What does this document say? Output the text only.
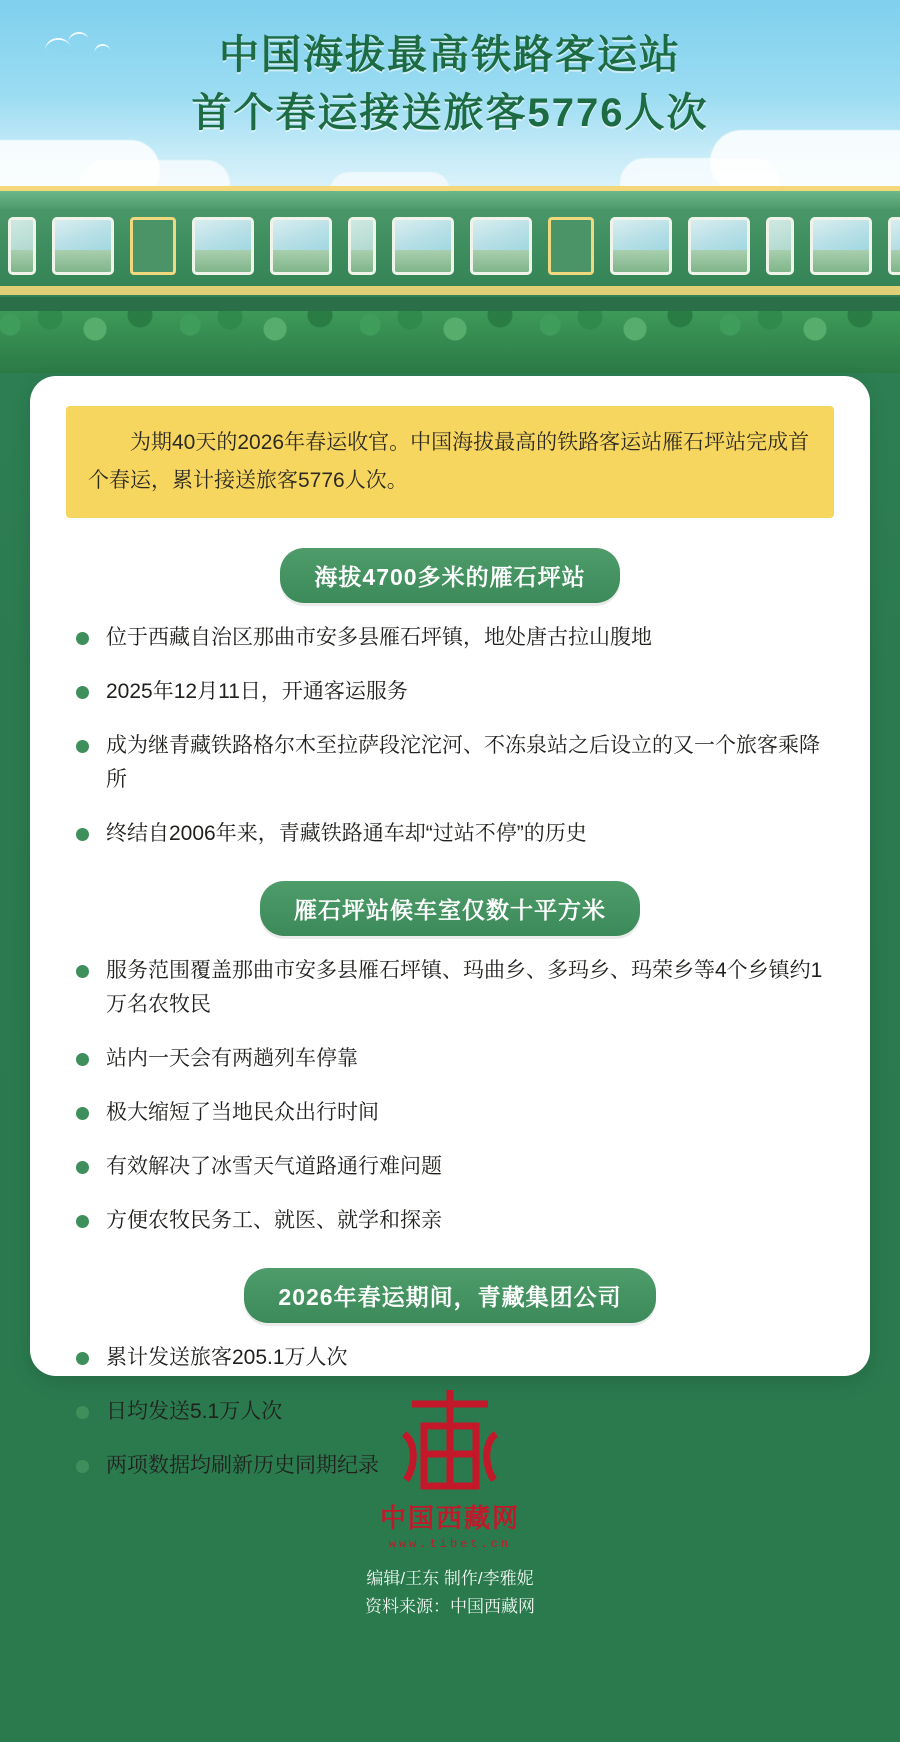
中国海拔最高铁路客运站
首个春运接送旅客5776人次
为期40天的2026年春运收官。中国海拔最高的铁路客运站雁石坪站完成首个春运，累计接送旅客5776人次。
海拔4700多米的雁石坪站
位于西藏自治区那曲市安多县雁石坪镇，地处唐古拉山腹地
2025年12月11日，开通客运服务
成为继青藏铁路格尔木至拉萨段沱沱河、不冻泉站之后设立的又一个旅客乘降所
终结自2006年来，青藏铁路通车却“过站不停”的历史
雁石坪站候车室仅数十平方米
服务范围覆盖那曲市安多县雁石坪镇、玛曲乡、多玛乡、玛荣乡等4个乡镇约1万名农牧民
站内一天会有两趟列车停靠
极大缩短了当地民众出行时间
有效解决了冰雪天气道路通行难问题
方便农牧民务工、就医、就学和探亲
2026年春运期间，青藏集团公司
累计发送旅客205.1万人次
日均发送5.1万人次
两项数据均刷新历史同期纪录
中国西藏网
www.tibet.cn
编辑/王东 制作/李雅妮
资料来源：中国西藏网
